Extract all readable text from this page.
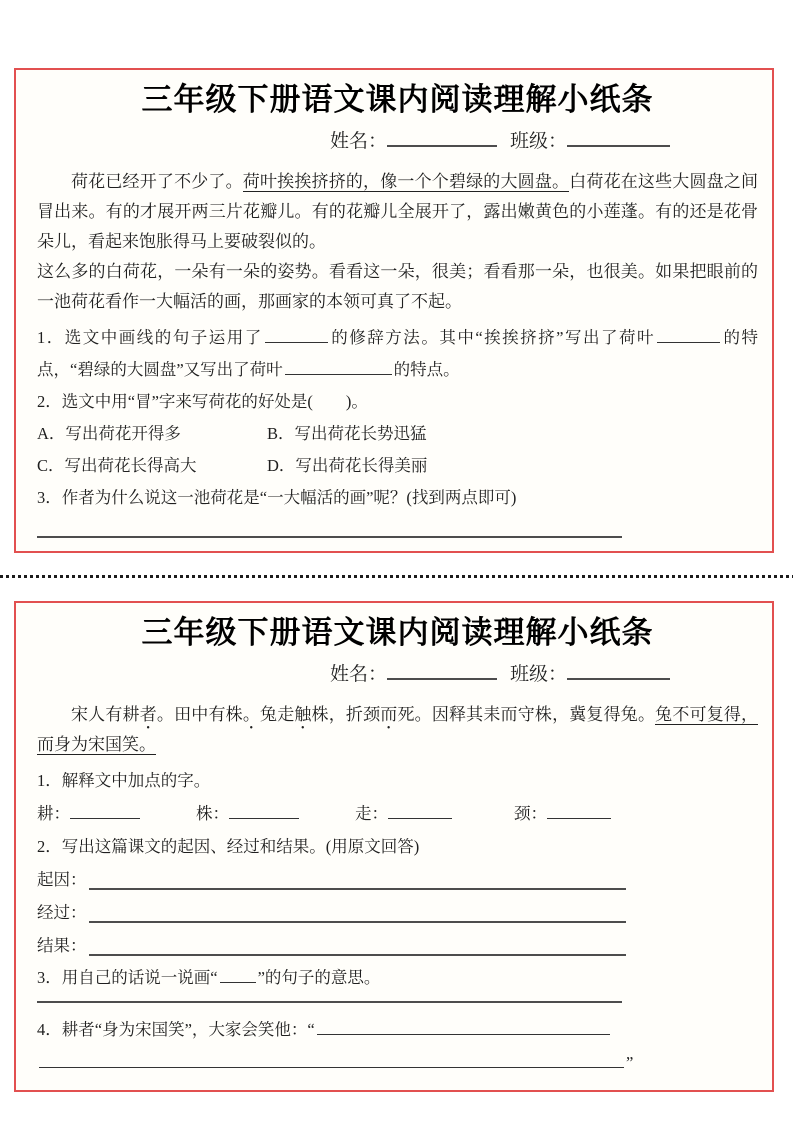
三年级下册语文课内阅读理解小纸条
姓名：	班级：

荷花已经开了不少了。荷叶挨挨挤挤的，像一个个碧绿的大圆盘。白荷花在这些大圆盘之间冒出来。有的才展开两三片花瓣儿。有的花瓣儿全展开了，露出嫩黄色的小莲蓬。有的还是花骨朵儿，看起来饱胀得马上要破裂似的。

这么多的白荷花，一朵有一朵的姿势。看看这一朵，很美；看看那一朵，也很美。如果把眼前的一池荷花看作一大幅活的画，那画家的本领可真了不起。

1．选文中画线的句子运用了	的修辞方法。其中“挨挨挤挤”写出了荷叶	的特点，“碧绿的大圆盘”又写出了荷叶	的特点。

2．选文中用“冒”字来写荷花的好处是(　　)。

A．写出荷花开得多	B．写出荷花长势迅猛
C．写出荷花长得高大	D．写出荷花长得美丽

3．作者为什么说这一池荷花是“一大幅活的画”呢？(找到两点即可)

三年级下册语文课内阅读理解小纸条
姓名：	班级：

宋人有耕者。田中有株。兔走触株，折颈而死。因释其耒而守株，冀复得兔。兔不可复得，而身为宋国笑。

1．解释文中加点的字。

耕：	株：	走：	颈：

2．写出这篇课文的起因、经过和结果。(用原文回答)

起因：
经过：
结果：

3．用自己的话说一说画“ ”的句子的意思。

4．耕者“身为宋国笑”，大家会笑他：“

”
